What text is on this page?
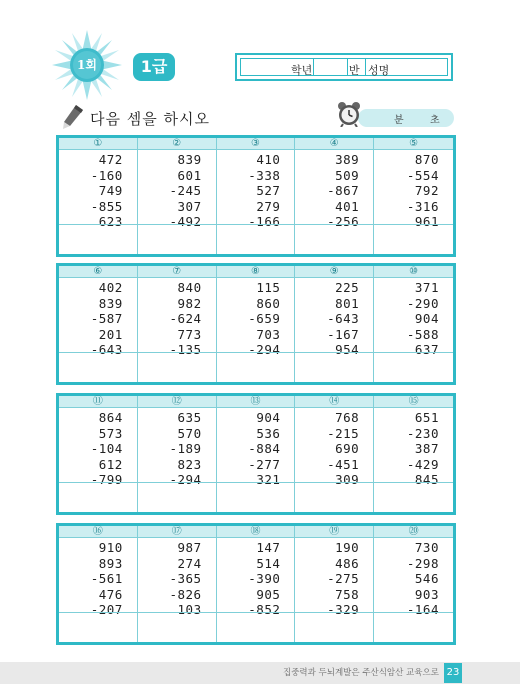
1회	1급	학년	반 성명
다음 셈을 하시오	분	초
①
472
-160
749
-855
623
②
839
601
-245
307
-492
③
410
-338
527
279
-166
④
389
509
-867
401
-256
⑤
870
-554
792
-316
961
⑥
402
839
-587
201
-643
⑦
840
982
-624
773
-135
⑧
115
860
-659
703
-294
⑨
225
801
-643
-167
954
⑩
371
-290
904
-588
637
⑪
864
573
-104
612
-799
⑫
635
570
-189
823
-294
⑬
904
536
-884
-277
321
⑭
768
-215
690
-451
309
⑮
651
-230
387
-429
845
⑯
910
893
-561
476
-207
⑰
987
274
-365
-826
103
⑱
147
514
-390
905
-852
⑲
190
486
-275
758
-329
⑳
730
-298
546
903
-164
집중력과 두뇌계발은 주산식암산 교육으로 23
